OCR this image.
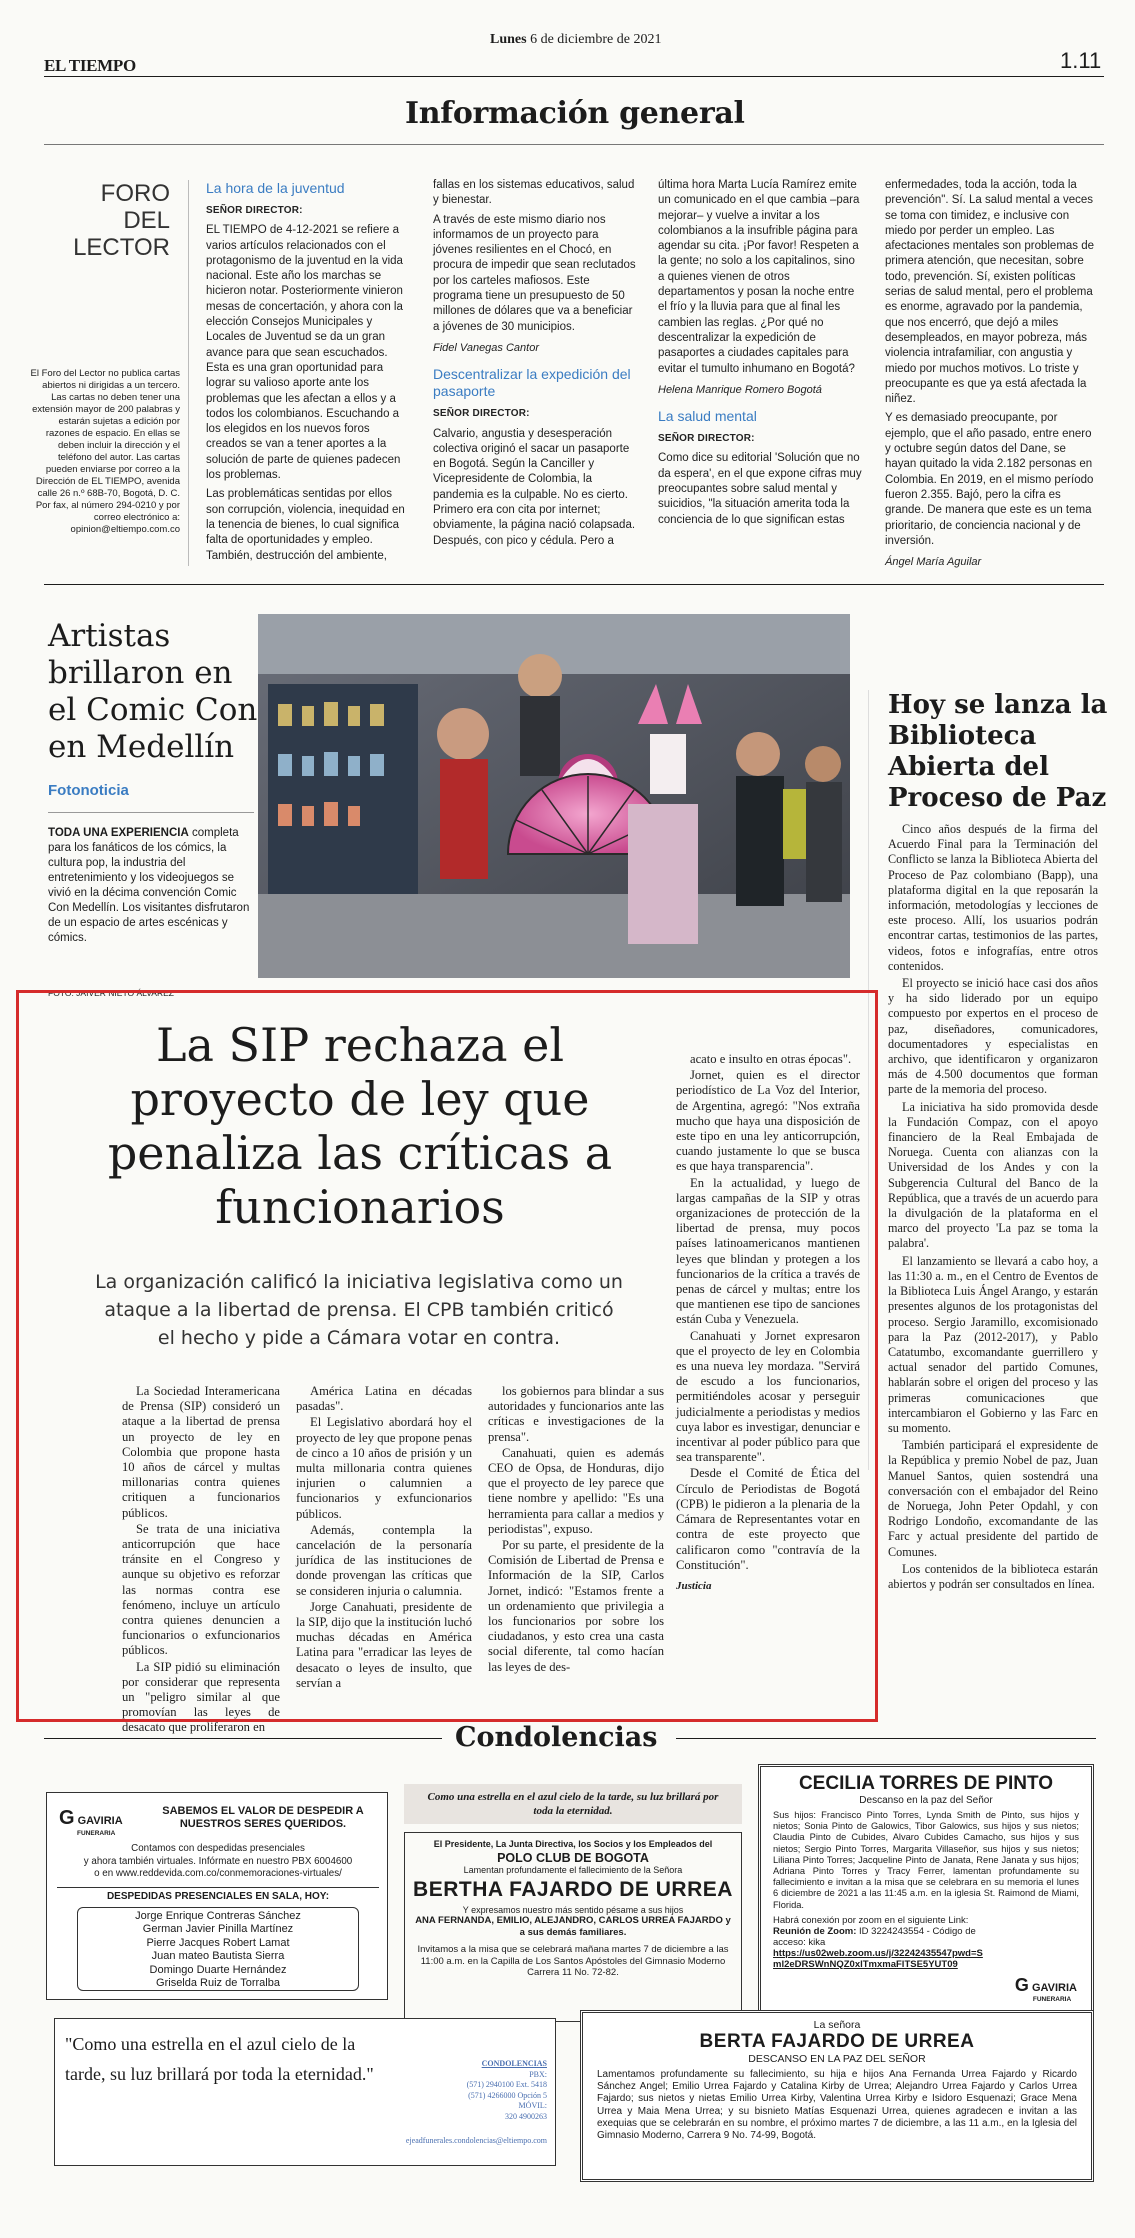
EL TIEMPO
Lunes 6 de diciembre de 2021
1.11
Información general
FORO DEL LECTOR
El Foro del Lector no publica cartas abiertos ni dirigidas a un tercero. Las cartas no deben tener una extensión mayor de 200 palabras y estarán sujetas a edición por razones de espacio. En ellas se deben incluir la dirección y el teléfono del autor. Las cartas pueden enviarse por correo a la Dirección de EL TIEMPO, avenida calle 26 n.º 68B-70, Bogotá, D. C. Por fax, al número 294-0210 y por correo electrónico a: opinion@eltiempo.com.co
La hora de la juventud
SEÑOR DIRECTOR:

EL TIEMPO de 4-12-2021 se refiere a varios artículos relacionados con el protagonismo de la juventud en la vida nacional. Este año los marchas se hicieron notar. Posteriormente vinieron mesas de concertación, y ahora con la elección Consejos Municipales y Locales de Juventud se da un gran avance para que sean escuchados. Esta es una gran oportunidad para lograr su valioso aporte ante los problemas que les afectan a ellos y a todos los colombianos. Escuchando a los elegidos en los nuevos foros creados se van a tener aportes a la solución de parte de quienes padecen los problemas.

Las problemáticas sentidas por ellos son corrupción, violencia, inequidad en la tenencia de bienes, lo cual significa falta de oportunidades y empleo. También, destrucción del ambiente,

fallas en los sistemas educativos, salud y bienestar.

A través de este mismo diario nos informamos de un proyecto para jóvenes resilientes en el Chocó, en procura de impedir que sean reclutados por los carteles mafiosos. Este programa tiene un presupuesto de 50 millones de dólares que va a beneficiar a jóvenes de 30 municipios.

Fidel Vanegas Cantor
Descentralizar la expedición del pasaporte
SEÑOR DIRECTOR:

Calvario, angustia y desesperación colectiva originó el sacar un pasaporte en Bogotá. Según la Canciller y Vicepresidente de Colombia, la pandemia es la culpable. No es cierto. Primero era con cita por internet; obviamente, la página nació colapsada. Después, con pico y cédula. Pero a

última hora Marta Lucía Ramírez emite un comunicado en el que cambia –para mejorar– y vuelve a invitar a los colombianos a la insufrible página para agendar su cita. ¡Por favor! Respeten a la gente; no solo a los capitalinos, sino a quienes vienen de otros departamentos y posan la noche entre el frío y la lluvia para que al final les cambien las reglas. ¿Por qué no descentralizar la expedición de pasaportes a ciudades capitales para evitar el tumulto inhumano en Bogotá?

Helena Manrique Romero Bogotá
La salud mental
SEÑOR DIRECTOR:

Como dice su editorial 'Solución que no da espera', en el que expone cifras muy preocupantes sobre salud mental y suicidios, "la situación amerita toda la conciencia de lo que significan estas

enfermedades, toda la acción, toda la prevención". Sí. La salud mental a veces se toma con timidez, e inclusive con miedo por perder un empleo. Las afectaciones mentales son problemas de primera atención, que necesitan, sobre todo, prevención. Sí, existen políticas serias de salud mental, pero el problema es enorme, agravado por la pandemia, que nos encerró, que dejó a miles desempleados, en mayor pobreza, más violencia intrafamiliar, con angustia y miedo por muchos motivos. Lo triste y preocupante es que ya está afectada la niñez.

Y es demasiado preocupante, por ejemplo, que el año pasado, entre enero y octubre según datos del Dane, se hayan quitado la vida 2.182 personas en Colombia. En 2019, en el mismo período fueron 2.355. Bajó, pero la cifra es grande. De manera que este es un tema prioritario, de conciencia nacional y de inversión.

Ángel María Aguilar
Artistas brillaron en el Comic Con en Medellín
Fotonoticia
TODA UNA EXPERIENCIA completa para los fanáticos de los cómics, la cultura pop, la industria del entretenimiento y los videojuegos se vivió en la décima convención Comic Con Medellín. Los visitantes disfrutaron de un espacio de artes escénicas y cómics.
FOTO: JAIVER NIETO ÁLVAREZ
Hoy se lanza la Biblioteca Abierta del Proceso de Paz

Cinco años después de la firma del Acuerdo Final para la Terminación del Conflicto se lanza la Biblioteca Abierta del Proceso de Paz colombiano (Bapp), una plataforma digital en la que reposarán la información, metodologías y lecciones de este proceso. Allí, los usuarios podrán encontrar cartas, testimonios de las partes, videos, fotos e infografías, entre otros contenidos.

El proyecto se inició hace casi dos años y ha sido liderado por un equipo compuesto por expertos en el proceso de paz, diseñadores, comunicadores, documentadores y especialistas en archivo, que identificaron y organizaron más de 4.500 documentos que forman parte de la memoria del proceso.

La iniciativa ha sido promovida desde la Fundación Compaz, con el apoyo financiero de la Real Embajada de Noruega. Cuenta con alianzas con la Universidad de los Andes y con la Subgerencia Cultural del Banco de la República, que a través de un acuerdo para la divulgación de la plataforma en el marco del proyecto 'La paz se toma la palabra'.

El lanzamiento se llevará a cabo hoy, a las 11:30 a. m., en el Centro de Eventos de la Biblioteca Luis Ángel Arango, y estarán presentes algunos de los protagonistas del proceso. Sergio Jaramillo, excomisionado para la Paz (2012-2017), y Pablo Catatumbo, excomandante guerrillero y actual senador del partido Comunes, hablarán sobre el origen del proceso y las primeras comunicaciones que intercambiaron el Gobierno y las Farc en su momento.

También participará el expresidente de la República y premio Nobel de paz, Juan Manuel Santos, quien sostendrá una conversación con el embajador del Reino de Noruega, John Peter Opdahl, y con Rodrigo Londoño, excomandante de las Farc y actual presidente del partido de Comunes.

Los contenidos de la biblioteca estarán abiertos y podrán ser consultados en línea.

La SIP rechaza el proyecto de ley que penaliza las críticas a funcionarios
La organización calificó la iniciativa legislativa como un ataque a la libertad de prensa. El CPB también criticó el hecho y pide a Cámara votar en contra.

La Sociedad Interamericana de Prensa (SIP) consideró un ataque a la libertad de prensa un proyecto de ley en Colombia que propone hasta 10 años de cárcel y multas millonarias contra quienes critiquen a funcionarios públicos.

Se trata de una iniciativa anticorrupción que hace tránsite en el Congreso y aunque su objetivo es reforzar las normas contra ese fenómeno, incluye un artículo contra quienes denuncien a funcionarios o exfuncionarios públicos.

La SIP pidió su eliminación por considerar que representa un "peligro similar al que promovían las leyes de desacato que proliferaron en

América Latina en décadas pasadas".

El Legislativo abordará hoy el proyecto de ley que propone penas de cinco a 10 años de prisión y un multa millonaria contra quienes injurien o calumnien a funcionarios y exfuncionarios públicos.

Además, contempla la cancelación de la personaría jurídica de las instituciones de donde provengan las críticas que se consideren injuria o calumnia.

Jorge Canahuati, presidente de la SIP, dijo que la institución luchó muchas décadas en América Latina para "erradicar las leyes de desacato o leyes de insulto, que servían a

los gobiernos para blindar a sus autoridades y funcionarios ante las críticas e investigaciones de la prensa".

Canahuati, quien es además CEO de Opsa, de Honduras, dijo que el proyecto de ley parece que tiene nombre y apellido: "Es una herramienta para callar a medios y periodistas", expuso.

Por su parte, el presidente de la Comisión de Libertad de Prensa e Información de la SIP, Carlos Jornet, indicó: "Estamos frente a un ordenamiento que privilegia a los funcionarios por sobre los ciudadanos, y esto crea una casta social diferente, tal como hacían las leyes de des-

acato e insulto en otras épocas".

Jornet, quien es el director periodístico de La Voz del Interior, de Argentina, agregó: "Nos extraña mucho que haya una disposición de este tipo en una ley anticorrupción, cuando justamente lo que se busca es que haya transparencia".

En la actualidad, y luego de largas campañas de la SIP y otras organizaciones de protección de la libertad de prensa, muy pocos países latinoamericanos mantienen leyes que blindan y protegen a los funcionarios de la crítica a través de penas de cárcel y multas; entre los que mantienen ese tipo de sanciones están Cuba y Venezuela.

Canahuati y Jornet expresaron que el proyecto de ley en Colombia es una nueva ley mordaza. "Servirá de escudo a los funcionarios, permitiéndoles acosar y perseguir judicialmente a periodistas y medios cuya labor es investigar, denunciar e incentivar al poder público para que sea transparente".

Desde el Comité de Ética del Círculo de Periodistas de Bogotá (CPB) le pidieron a la plenaria de la Cámara de Representantes votar en contra de este proyecto que calificaron como "contravía de la Constitución".

Justicia

Condolencias
G GAVIRIA
FUNERARIA
SABEMOS EL VALOR DE DESPEDIR A NUESTROS SERES QUERIDOS.
Contamos con despedidas presenciales
y ahora también virtuales. Infórmate en nuestro PBX 6004600
o en www.reddevida.com.co/conmemoraciones-virtuales/
DESPEDIDAS PRESENCIALES EN SALA, HOY:
Jorge Enrique Contreras Sánchez
German Javier Pinilla Martínez
Pierre Jacques Robert Lamat
Juan mateo Bautista Sierra
Domingo Duarte Hernández
Griselda Ruiz de Torralba
Como una estrella en el azul cielo de la tarde, su luz brillará por toda la eternidad.
El Presidente, La Junta Directiva, los Socios y los Empleados del
POLO CLUB DE BOGOTA
Lamentan profundamente el fallecimiento de la Señora
BERTHA FAJARDO DE URREA
Y expresamos nuestro más sentido pésame a sus hijos
ANA FERNANDA, EMILIO, ALEJANDRO, CARLOS URREA FAJARDO y a sus demás familiares.
Invitamos a la misa que se celebrará mañana martes 7 de diciembre a las 11:00 a.m. en la Capilla de Los Santos Apóstoles del Gimnasio Moderno Carrera 11 No. 72-82.
CECILIA TORRES DE PINTO
Descanso en la paz del Señor
Sus hijos: Francisco Pinto Torres, Lynda Smith de Pinto, sus hijos y nietos; Sonia Pinto de Galowics, Tibor Galowics, sus hijos y sus nietos; Claudia Pinto de Cubides, Alvaro Cubides Camacho, sus hijos y sus nietos; Sergio Pinto Torres, Margarita Villaseñor, sus hijos y sus nietos; Liliana Pinto Torres; Jacqueline Pinto de Janata, Rene Janata y sus hijos; Adriana Pinto Torres y Tracy Ferrer, lamentan profundamente su fallecimiento e invitan a la misa que se celebrara en su memoria el lunes 6 diciembre de 2021 a las 11:45 a.m. en la iglesia St. Raimond de Miami, Florida.
Habrá conexión por zoom en el siguiente Link:
Reunión de Zoom: ID 3224243554 - Código de acceso: kika
https://us02web.zoom.us/j/32242435547pwd=Sml2eDRSWnNQZ0xlTmxmaFlTSE5YUT09
G GAVIRIA
FUNERARIA
"Como una estrella en el azul cielo de la tarde, su luz brillará por toda la eternidad."
CONDOLENCIAS
PBX:
(571) 2940100 Ext. 5418
(571) 4266000 Opción 5
MÓVIL:
320 4900263
ejeadfunerales.condolencias@eltiempo.com
La señora
BERTA FAJARDO DE URREA
DESCANSO EN LA PAZ DEL SEÑOR
Lamentamos profundamente su fallecimiento, su hija e hijos Ana Fernanda Urrea Fajardo y Ricardo Sánchez Angel; Emilio Urrea Fajardo y Catalina Kirby de Urrea; Alejandro Urrea Fajardo y Carlos Urrea Fajardo; sus nietos y nietas Emilio Urrea Kirby, Valentina Urrea Kirby e Isidoro Esquenazi; Grace Mena Urrea y Maia Mena Urrea; y su bisnieto Matías Esquenazi Urrea, quienes agradecen e invitan a las exequias que se celebrarán en su nombre, el próximo martes 7 de diciembre, a las 11 a.m., en la Iglesia del Gimnasio Moderno, Carrera 9 No. 74-99, Bogotá.
